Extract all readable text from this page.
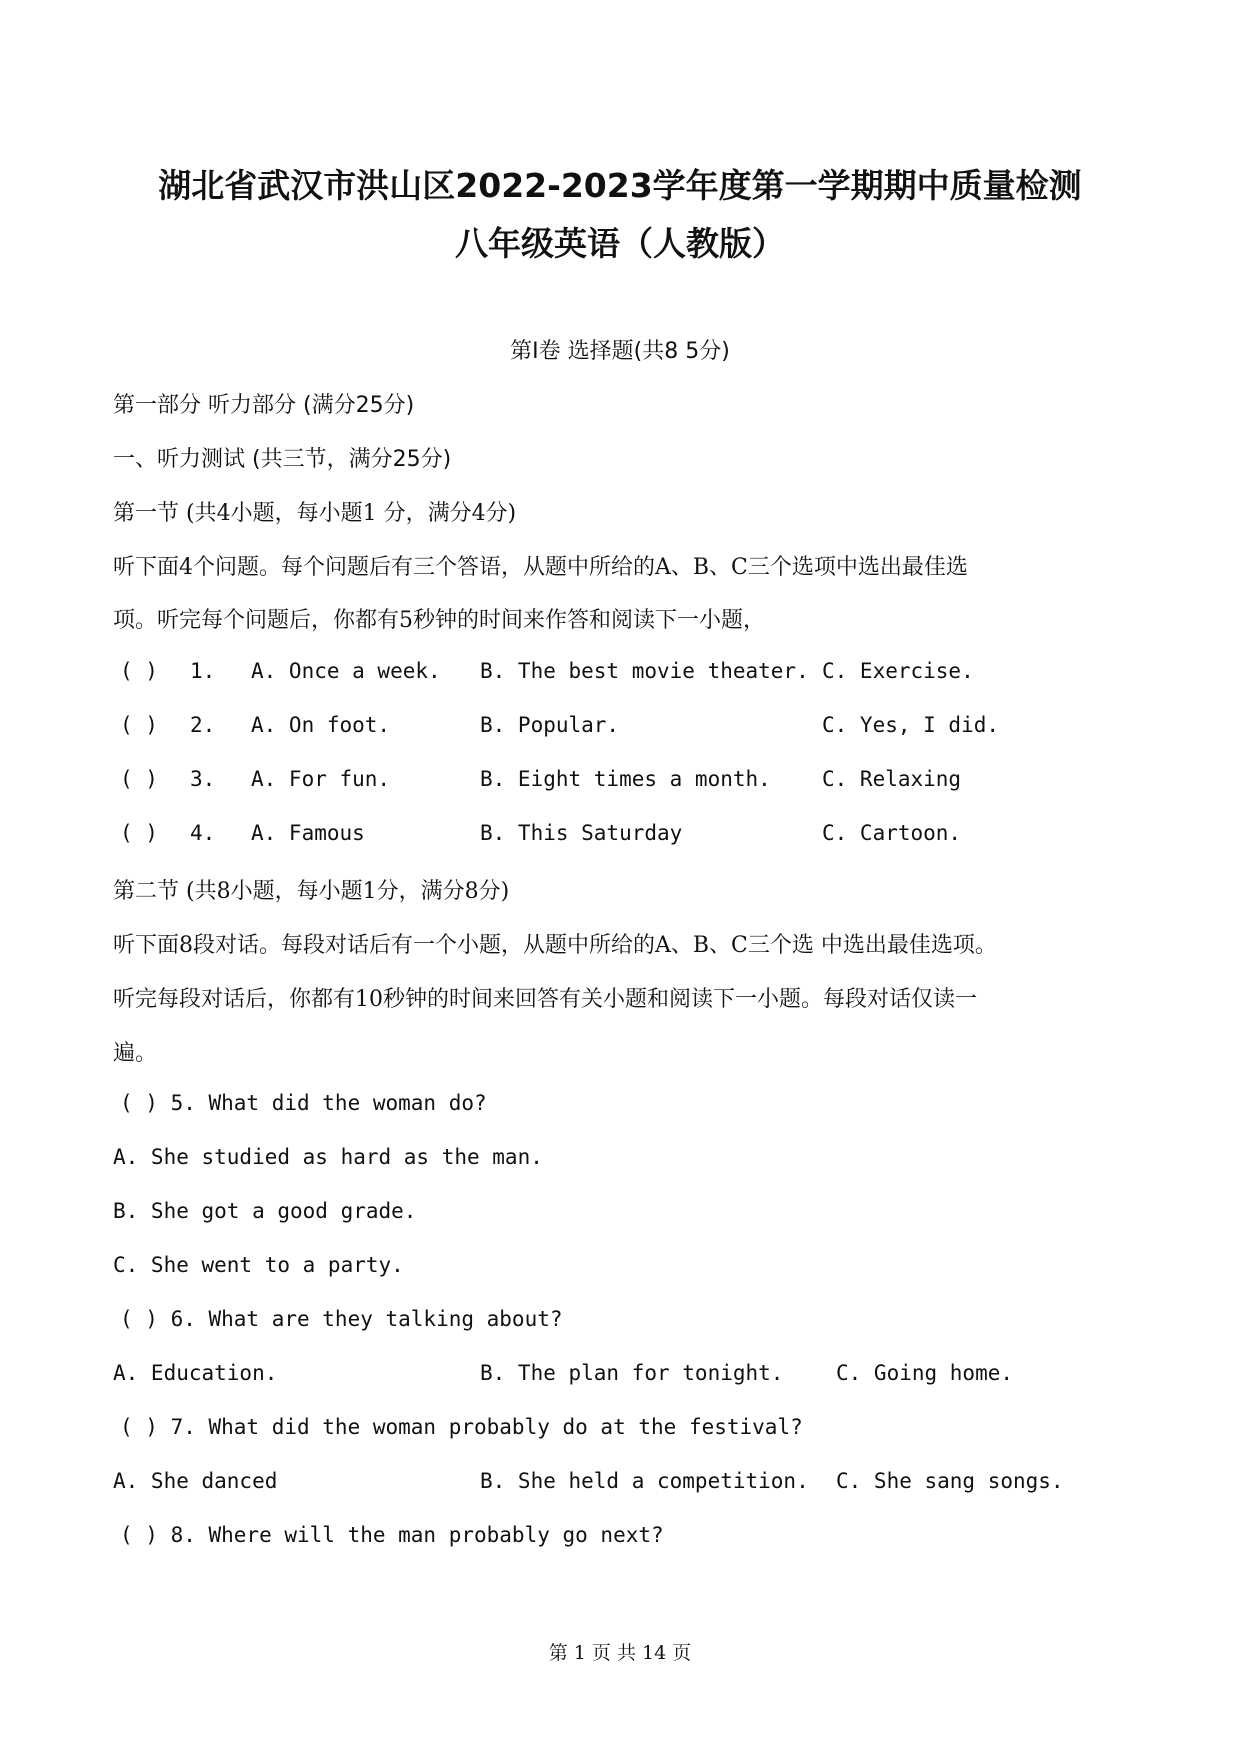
湖北省武汉市洪山区2022-2023学年度第一学期期中质量检测
八年级英语（人教版）
第Ⅰ卷 选择题(共8 5分)
第一部分 听力部分 (满分25分)
一、听力测试 (共三节，满分25分)
第一节 (共4小题，每小题1 分，满分4分)
听下面4个问题。每个问题后有三个答语，从题中所给的A、B、C三个选项中选出最佳选
项。听完每个问题后，你都有5秒钟的时间来作答和阅读下一小题，
( ) 1. A. Once a week. B. The best movie theater. C. Exercise.
( ) 2. A. On foot.	B. Popular.	C. Yes, I did.
( ) 3. A. For fun.	B. Eight times a month. C. Relaxing
( ) 4. A. Famous	B. This Saturday	C. Cartoon.
第二节 (共8小题，每小题1分，满分8分)
听下面8段对话。每段对话后有一个小题，从题中所给的A、B、C三个选 中选出最佳选项。
听完每段对话后，你都有10秒钟的时间来回答有关小题和阅读下一小题。每段对话仅读一
遍。
( ) 5. What did the woman do?
A. She studied as hard as the man.
B. She got a good grade.
C. She went to a party.
( ) 6. What are they talking about?
A. Education.	B. The plan for tonight.	C. Going home.
( ) 7. What did the woman probably do at the festival?
A. She danced	B. She held a competition. C. She sang songs.
( ) 8. Where will the man probably go next?
第 1 页 共 14 页
